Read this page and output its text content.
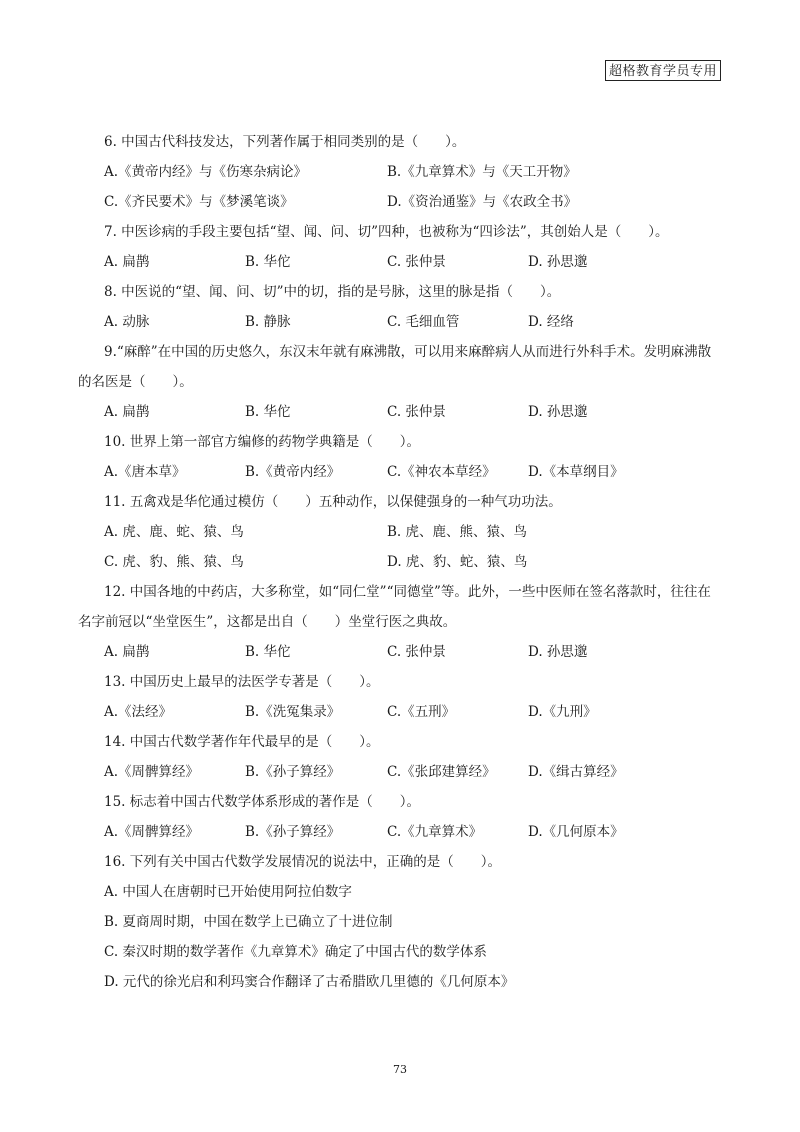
超格教育学员专用
6. 中国古代科技发达，下列著作属于相同类别的是（　　）。
A.《黄帝内经》与《伤寒杂病论》	B.《九章算术》与《天工开物》
C.《齐民要术》与《梦溪笔谈》	D.《资治通鉴》与《农政全书》
7. 中医诊病的手段主要包括“望、闻、问、切”四种，也被称为“四诊法”，其创始人是（　　）。
A. 扁鹊	B. 华佗	C. 张仲景	D. 孙思邈
8. 中医说的“望、闻、问、切”中的切，指的是号脉，这里的脉是指（　　）。
A. 动脉	B. 静脉	C. 毛细血管	D. 经络
9.“麻醉”在中国的历史悠久，东汉末年就有麻沸散，可以用来麻醉病人从而进行外科手术。发明麻沸散
的名医是（　　）。
A. 扁鹊	B. 华佗	C. 张仲景	D. 孙思邈
10. 世界上第一部官方编修的药物学典籍是（　　）。
A.《唐本草》	B.《黄帝内经》	C.《神农本草经》 D.《本草纲目》
11. 五禽戏是华佗通过模仿（　　）五种动作，以保健强身的一种气功功法。
A. 虎、鹿、蛇、猿、鸟	B. 虎、鹿、熊、猿、鸟
C. 虎、豹、熊、猿、鸟	D. 虎、豹、蛇、猿、鸟
12. 中国各地的中药店，大多称堂，如“同仁堂”“同德堂”等。此外，一些中医师在签名落款时，往往在
名字前冠以“坐堂医生”，这都是出自（　　）坐堂行医之典故。
A. 扁鹊	B. 华佗	C. 张仲景	D. 孙思邈
13. 中国历史上最早的法医学专著是（　　）。
A.《法经》	B.《洗冤集录》	C.《五刑》	D.《九刑》
14. 中国古代数学著作年代最早的是（　　）。
A.《周髀算经》	B.《孙子算经》	C.《张邱建算经》 D.《缉古算经》
15. 标志着中国古代数学体系形成的著作是（　　）。
A.《周髀算经》	B.《孙子算经》	C.《九章算术》	D.《几何原本》
16. 下列有关中国古代数学发展情况的说法中，正确的是（　　）。
A. 中国人在唐朝时已开始使用阿拉伯数字
B. 夏商周时期，中国在数学上已确立了十进位制
C. 秦汉时期的数学著作《九章算术》确定了中国古代的数学体系
D. 元代的徐光启和利玛窦合作翻译了古希腊欧几里德的《几何原本》
73
